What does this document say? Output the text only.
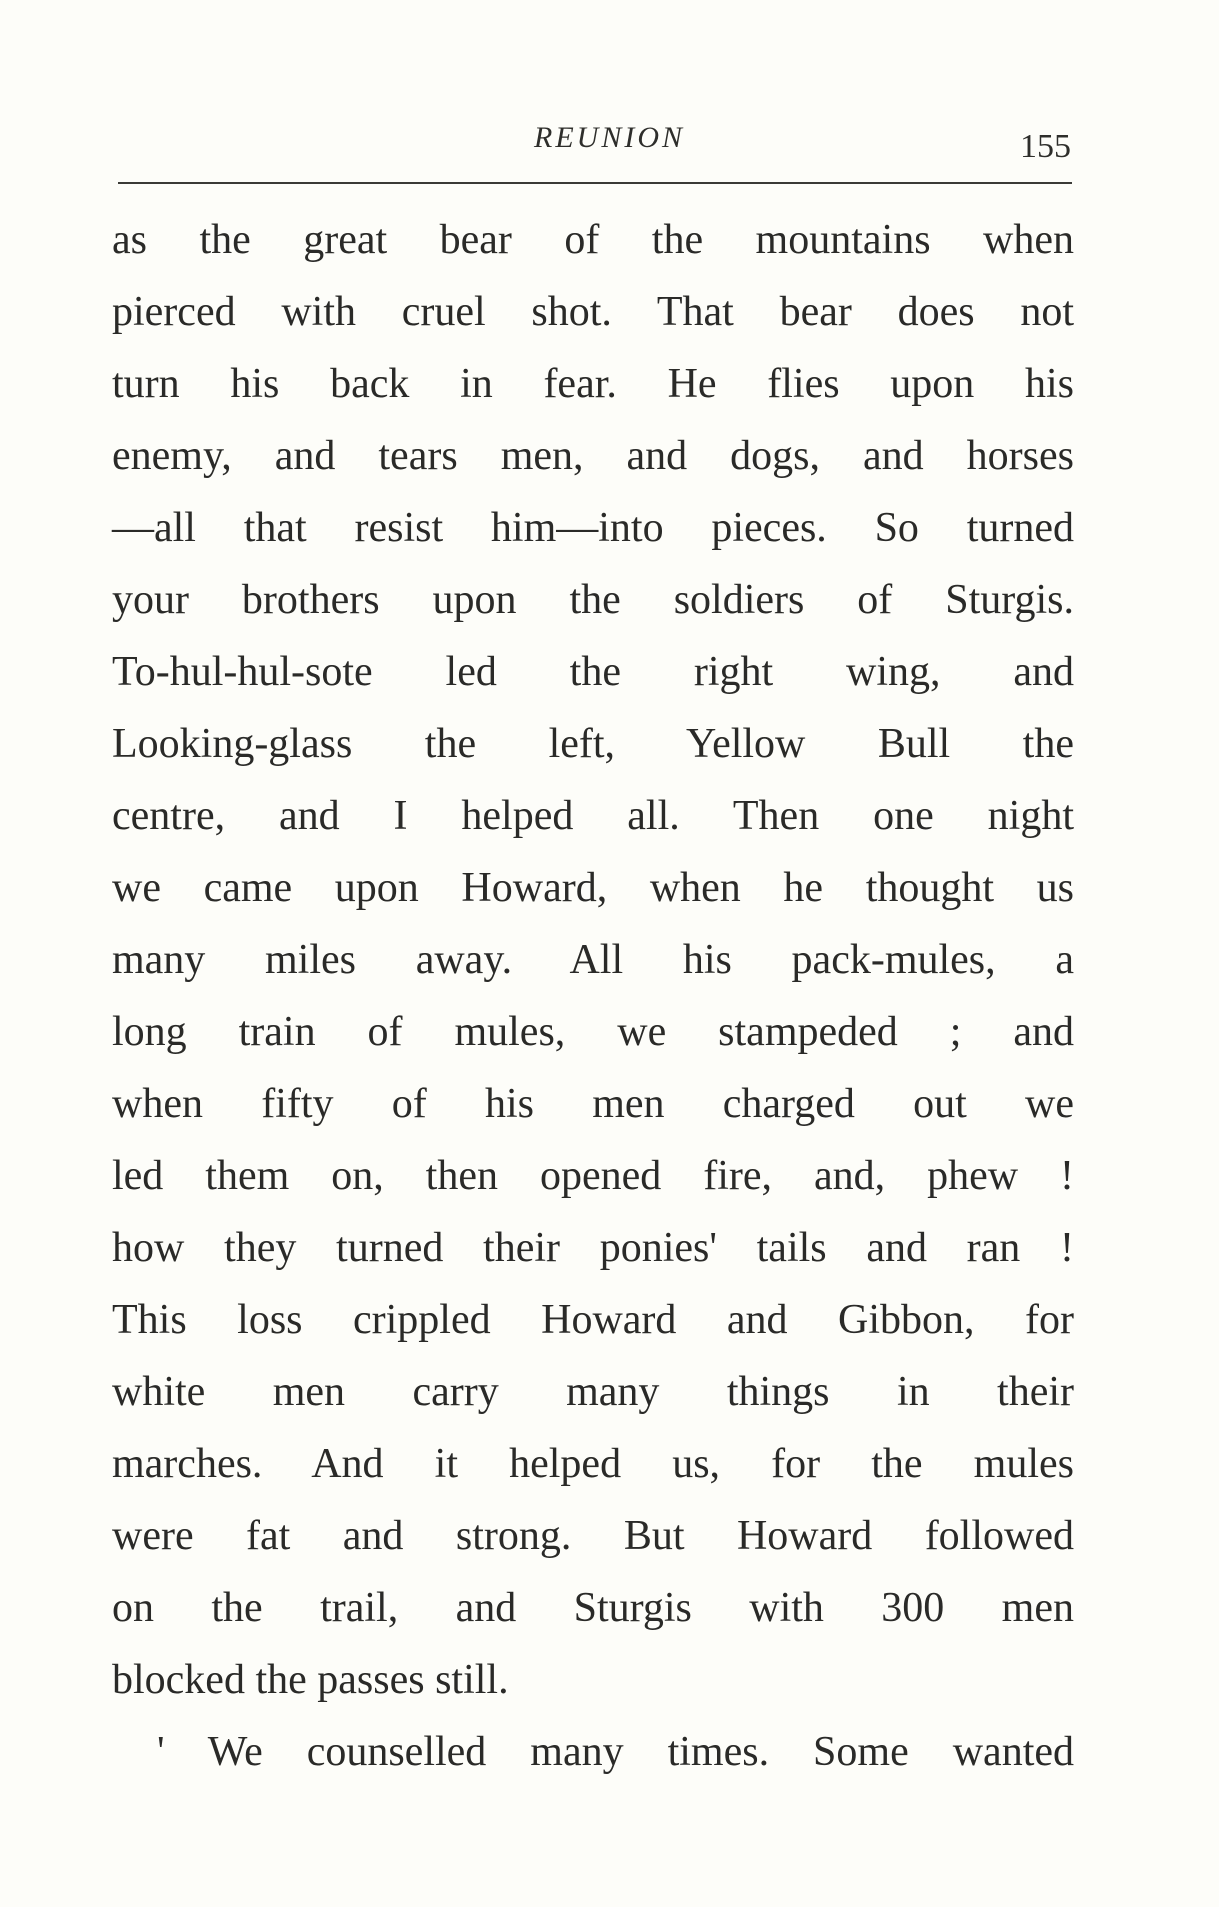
REUNION	155
as the great bear of the mountains when
pierced with cruel shot. That bear does not
turn his back in fear. He flies upon his
enemy, and tears men, and dogs, and horses
—all that resist him—into pieces. So turned
your brothers upon the soldiers of Sturgis.
To-hul-hul-sote led the right wing, and
Looking-glass the left, Yellow Bull the
centre, and I helped all. Then one night
we came upon Howard, when he thought us
many miles away. All his pack-mules, a
long train of mules, we stampeded ; and
when fifty of his men charged out we
led them on, then opened fire, and, phew !
how they turned their ponies' tails and ran !
This loss crippled Howard and Gibbon, for
white men carry many things in their
marches. And it helped us, for the mules
were fat and strong. But Howard followed
on the trail, and Sturgis with 300 men
blocked the passes still.
' We counselled many times. Some wanted
